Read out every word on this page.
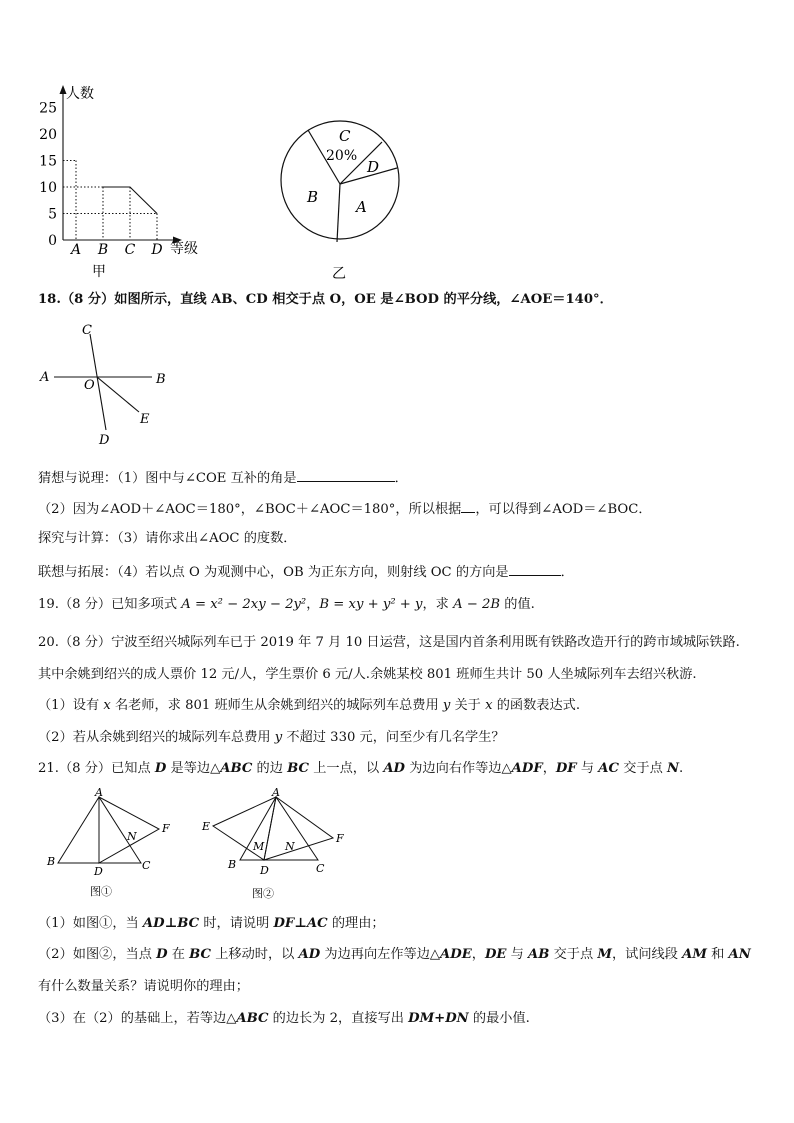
0
5
10
15
20
25
A B C D
人数
等级
甲
C
20%
D
B
A
乙
18.（8 分）如图所示，直线 AB、CD 相交于点 O，OE 是∠BOD 的平分线，∠AOE＝140°．
C
A
O	B
E
D
猜想与说理：（1）图中与∠COE 互补的角是	．
（2）因为∠AOD＋∠AOC＝180°，∠BOC＋∠AOC＝180°，所以根据 ，可以得到∠AOD＝∠BOC．
探究与计算：（3）请你求出∠AOC 的度数．
联想与拓展：（4）若以点 O 为观测中心，OB 为正东方向，则射线 OC 的方向是	．
19.（8 分）已知多项式 A = x² − 2xy − 2y²，B = xy + y² + y，求 A − 2B 的值.
20.（8 分）宁波至绍兴城际列车已于 2019 年 7 月 10 日运营，这是国内首条利用既有铁路改造开行的跨市域城际铁路.
其中余姚到绍兴的成人票价 12 元/人，学生票价 6 元/人.余姚某校 801 班师生共计 50 人坐城际列车去绍兴秋游.
（1）设有 x 名老师，求 801 班师生从余姚到绍兴的城际列车总费用 y 关于 x 的函数表达式.
（2）若从余姚到绍兴的城际列车总费用 y 不超过 330 元，问至少有几名学生？
21.（8 分）已知点 D 是等边△ABC 的边 BC 上一点，以 AD 为边向右作等边△ADF，DF 与 AC 交于点 N.
A
B	C
D
F
N
图①
A
E
F
M N
B	C
D
图②
（1）如图①，当 AD⊥BC 时，请说明 DF⊥AC 的理由；
（2）如图②，当点 D 在 BC 上移动时，以 AD 为边再向左作等边△ADE，DE 与 AB 交于点 M，试问线段 AM 和 AN
有什么数量关系？请说明你的理由；
（3）在（2）的基础上，若等边△ABC 的边长为 2，直接写出 DM+DN 的最小值.
